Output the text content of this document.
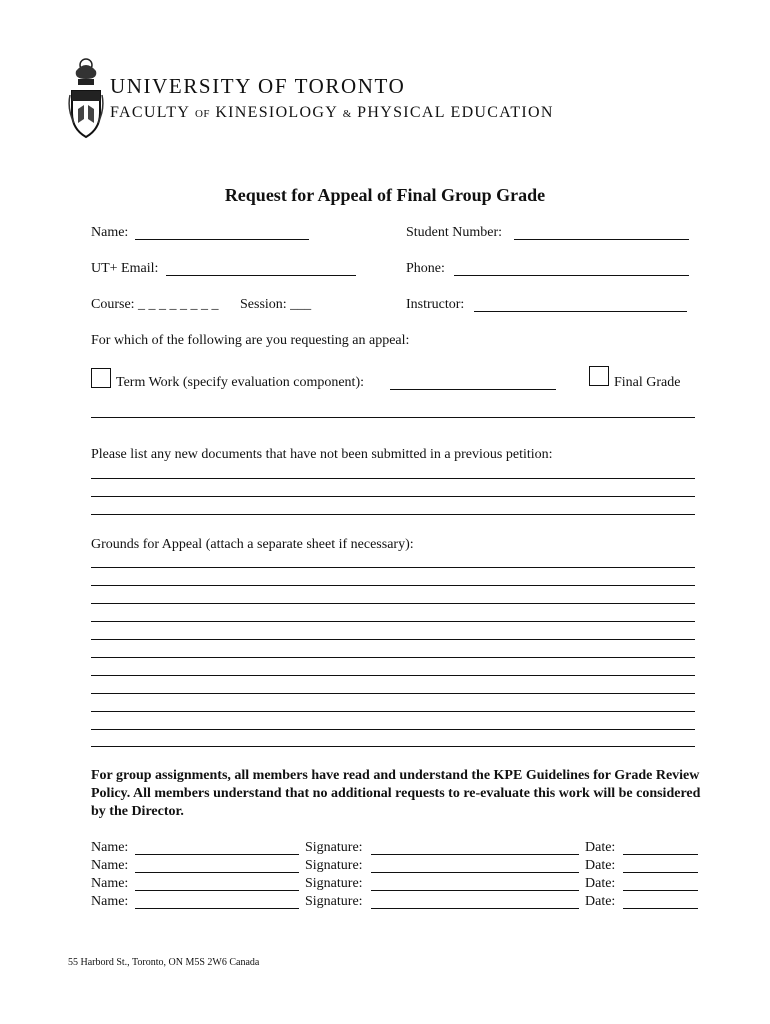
UNIVERSITY OF TORONTO
FACULTY OF KINESIOLOGY & PHYSICAL EDUCATION
Request for Appeal of Final Group Grade
Name:	Student Number:
UT+ Email:	Phone:
Course: _ _ _ _ _ _ _ _ Session: ___	Instructor:
For which of the following are you requesting an appeal:
Term Work (specify evaluation component):	Final Grade
Please list any new documents that have not been submitted in a previous petition:
Grounds for Appeal (attach a separate sheet if necessary):
For group assignments, all members have read and understand the KPE Guidelines for Grade Review Policy. All members understand that no additional requests to re-evaluate this work will be considered by the Director.
Name:	Signature:	Date:
Name:	Signature:	Date:
Name:	Signature:	Date:
Name:	Signature:	Date:
55 Harbord St., Toronto, ON M5S 2W6 Canada
